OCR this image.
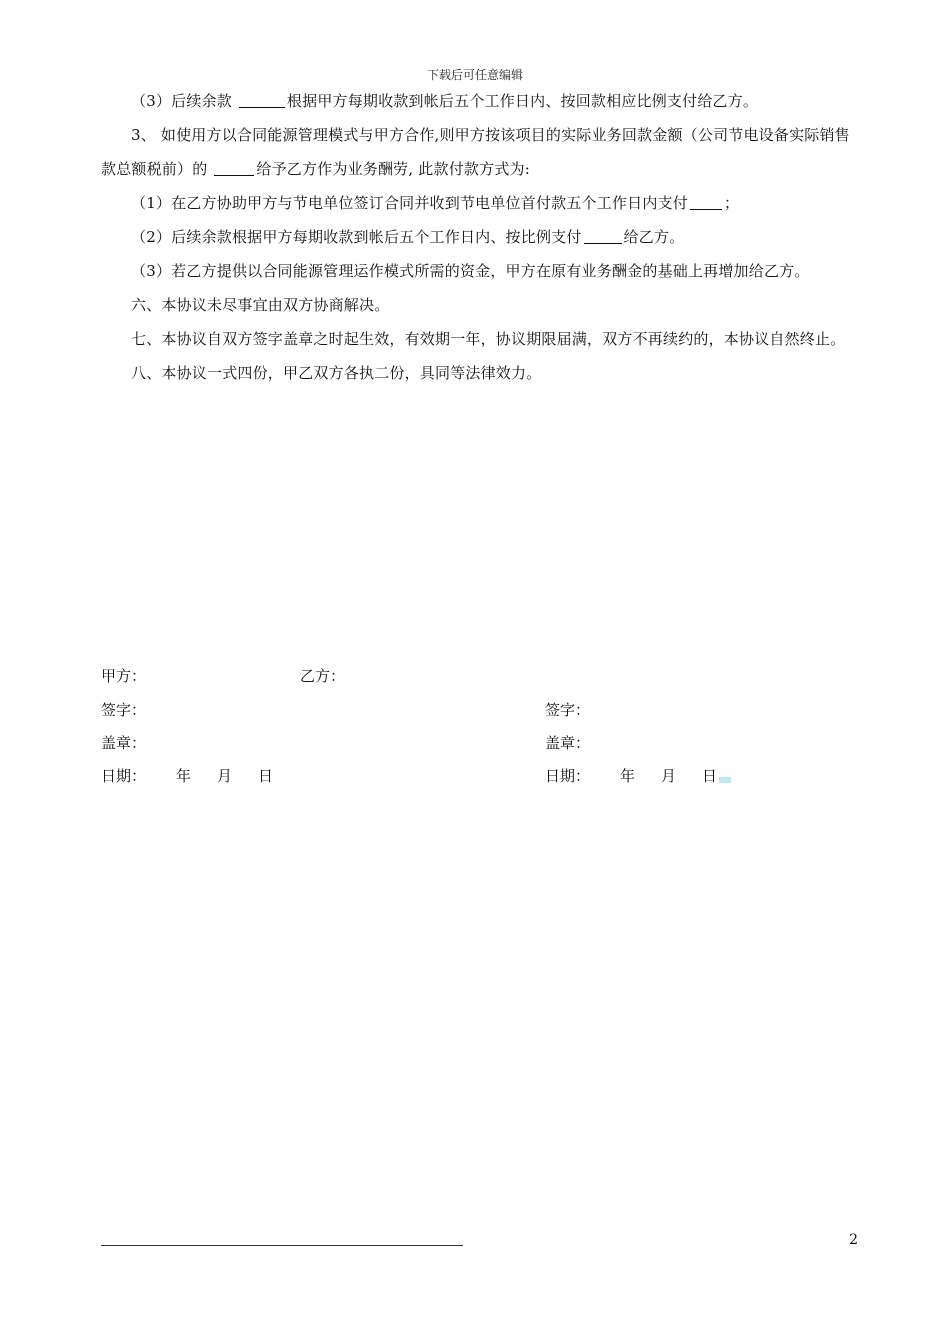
下载后可任意编辑

（3）后续余款	根据甲方每期收款到帐后五个工作日内、按回款相应比例支付给乙方。

3、 如使用方以合同能源管理模式与甲方合作,则甲方按该项目的实际业务回款金额（公司节电设备实际销售款总额税前）的	给予乙方作为业务酬劳, 此款付款方式为:

（1）在乙方协助甲方与节电单位签订合同并收到节电单位首付款五个工作日内支付 ；

（2）后续余款根据甲方每期收款到帐后五个工作日内、按比例支付	给乙方。

（3）若乙方提供以合同能源管理运作模式所需的资金，甲方在原有业务酬金的基础上再增加给乙方。

六、本协议未尽事宜由双方协商解决。

七、本协议自双方签字盖章之时起生效，有效期一年，协议期限届满，双方不再续约的，本协议自然终止。

八、本协议一式四份，甲乙双方各执二份，具同等法律效力。

甲方：	乙方：
签字：	签字：
盖章：	盖章：
日期： 年 月 日	日期： 年 月 日
2
